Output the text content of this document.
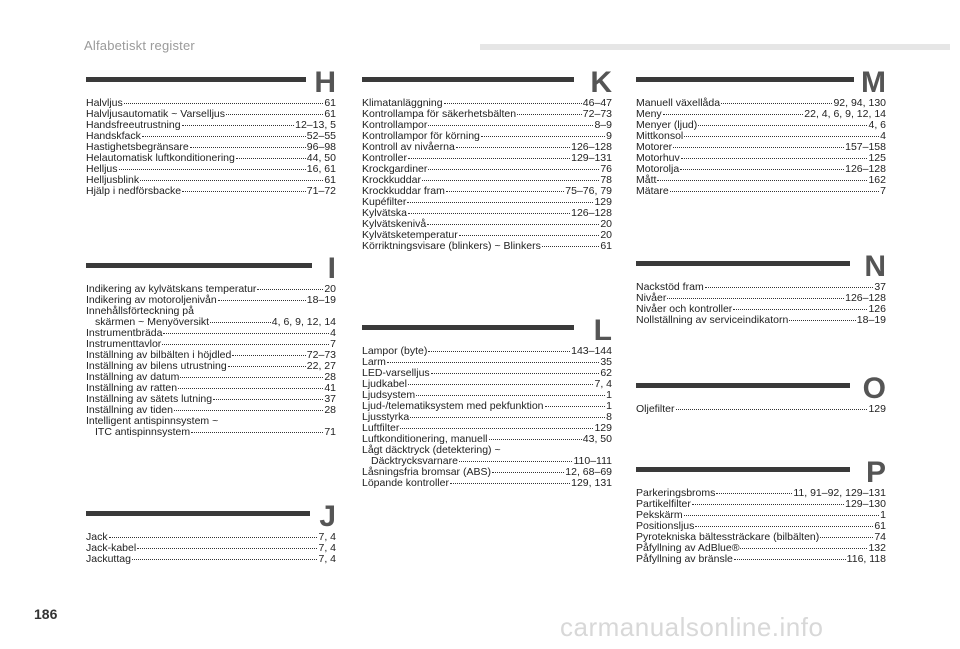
Alfabetiskt register
H
Halvljus	61
Halvljusautomatik ~ Varselljus	61
Handsfreeutrustning	12–13, 5
Handskfack	52–55
Hastighetsbegränsare	96–98
Helautomatisk luftkonditionering	44, 50
Helljus	16, 61
Helljusblink	61
Hjälp i nedförsbacke	71–72
I
Indikering av kylvätskans temperatur	20
Indikering av motoroljenivån	18–19
Innehållsförteckning på
skärmen ~ Menyöversikt	4, 6, 9, 12, 14
Instrumentbräda	4
Instrumenttavlor	7
Inställning av bilbälten i höjdled	72–73
Inställning av bilens utrustning	22, 27
Inställning av datum	28
Inställning av ratten	41
Inställning av sätets lutning	37
Inställning av tiden	28
Intelligent antispinnsystem ~
ITC antispinnsystem	71
J
Jack	7, 4
Jack-kabel	7, 4
Jackuttag	7, 4
K
Klimatanläggning	46–47
Kontrollampa för säkerhetsbälten	72–73
Kontrollampor	8–9
Kontrollampor för körning	9
Kontroll av nivåerna	126–128
Kontroller	129–131
Krockgardiner	76
Krockkuddar	78
Krockkuddar fram	75–76, 79
Kupéfilter	129
Kylvätska	126–128
Kylvätskenivå	20
Kylvätsketemperatur	20
Körriktningsvisare (blinkers) ~ Blinkers	61
L
Lampor (byte)	143–144
Larm	35
LED-varselljus	62
Ljudkabel	7, 4
Ljudsystem	1
Ljud-/telematiksystem med pekfunktion	1
Ljusstyrka	8
Luftfilter	129
Luftkonditionering, manuell	43, 50
Lågt däcktryck (detektering) ~
Däcktrycksvarnare	110–111
Låsningsfria bromsar (ABS)	12, 68–69
Löpande kontroller	129, 131
M
Manuell växellåda	92, 94, 130
Meny	22, 4, 6, 9, 12, 14
Menyer (ljud)	4, 6
Mittkonsol	4
Motorer	157–158
Motorhuv	125
Motorolja	126–128
Mått	162
Mätare	7
N
Nackstöd fram	37
Nivåer	126–128
Nivåer och kontroller	126
Nollställning av serviceindikatorn	18–19
O
Oljefilter	129
P
Parkeringsbroms	11, 91–92, 129–131
Partikelfilter	129–130
Pekskärm	1
Positionsljus	61
Pyrotekniska bältessträckare (bilbälten)	74
Påfyllning av AdBlue®	132
Påfyllning av bränsle	116, 118
186	carmanualsonline.info
